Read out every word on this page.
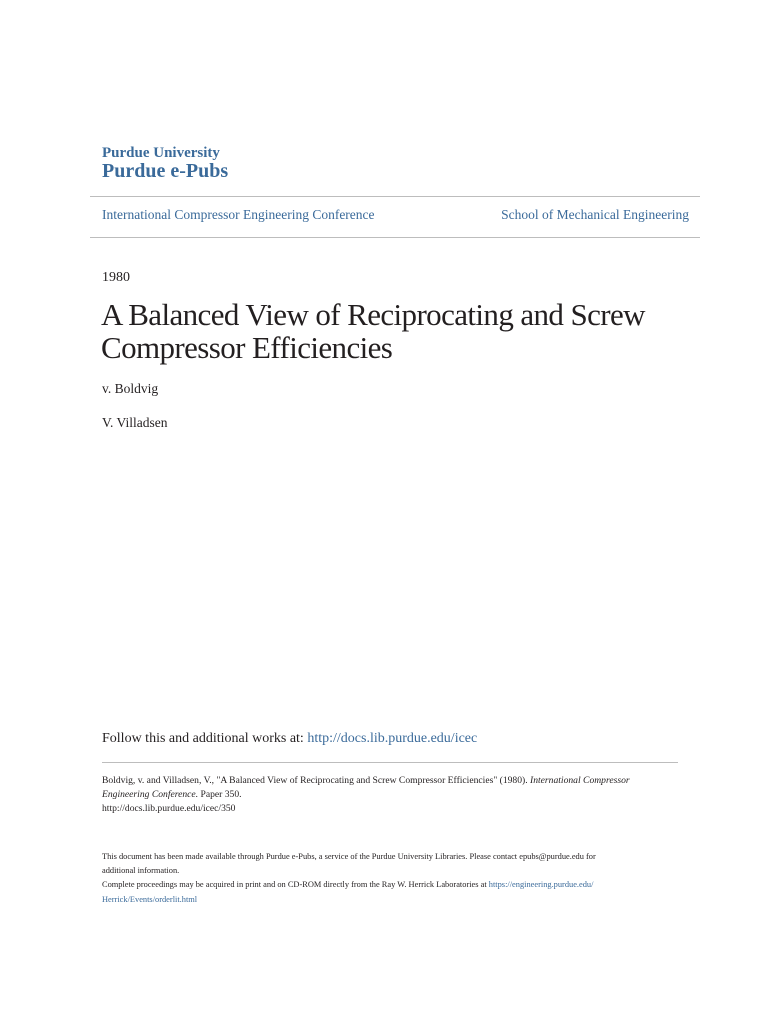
Purdue University
Purdue e-Pubs
International Compressor Engineering Conference	School of Mechanical Engineering
1980
A Balanced View of Reciprocating and Screw
Compressor Efficiencies
v. Boldvig
V. Villadsen
Follow this and additional works at: http://docs.lib.purdue.edu/icec
Boldvig, v. and Villadsen, V., "A Balanced View of Reciprocating and Screw Compressor Efficiencies" (1980). International Compressor
Engineering Conference. Paper 350.
http://docs.lib.purdue.edu/icec/350
This document has been made available through Purdue e-Pubs, a service of the Purdue University Libraries. Please contact epubs@purdue.edu for
additional information.
Complete proceedings may be acquired in print and on CD-ROM directly from the Ray W. Herrick Laboratories at https://engineering.purdue.edu/
Herrick/Events/orderlit.html
